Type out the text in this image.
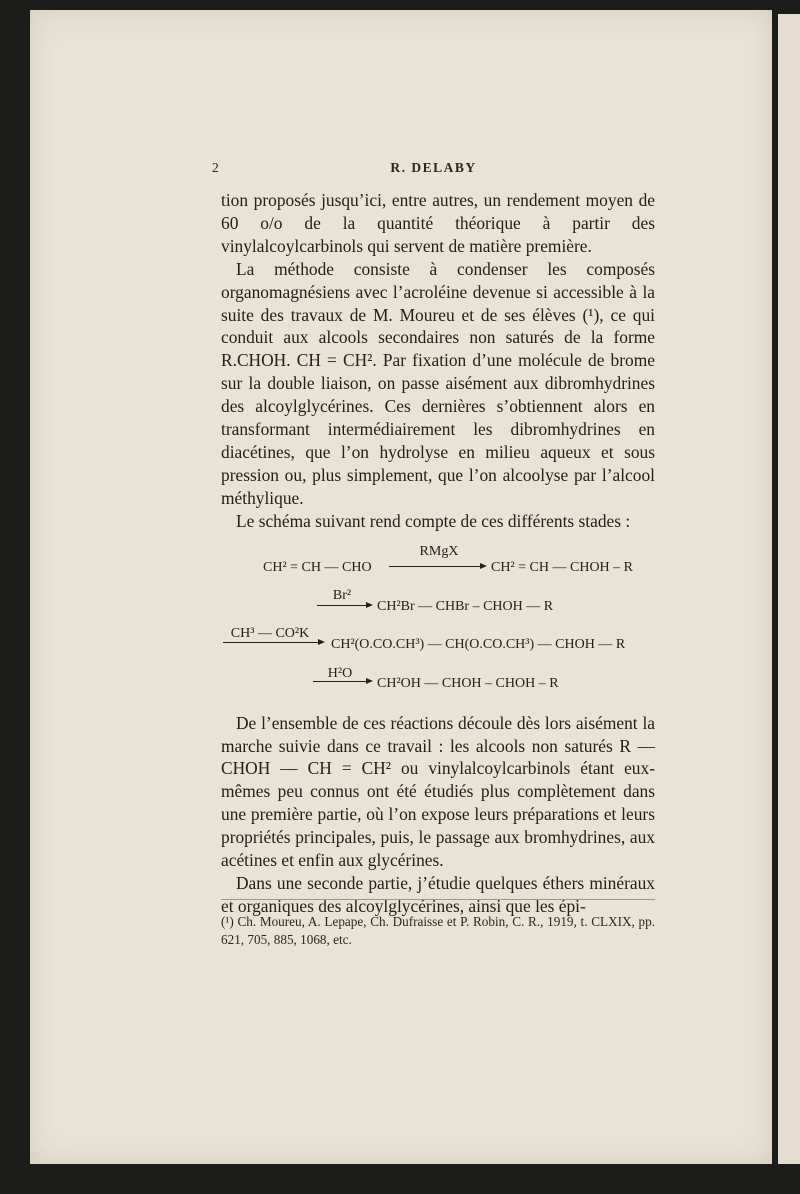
2	R. DELABY

tion proposés jusqu’ici, entre autres, un rendement moyen de 60 o/o de la quantité théorique à partir des vinylalcoylcarbinols qui servent de matière première.

La méthode consiste à condenser les composés organomagnésiens avec l’acroléine devenue si accessible à la suite des travaux de M. Moureu et de ses élèves (¹), ce qui conduit aux alcools secondaires non saturés de la forme R.CHOH. CH = CH². Par fixation d’une molécule de brome sur la double liaison, on passe aisément aux dibromhydrines des alcoylglycérines. Ces dernières s’obtiennent alors en transformant intermédiairement les dibromhydrines en diacétines, que l’on hydrolyse en milieu aqueux et sous pression ou, plus simplement, que l’on alcoolyse par l’alcool méthylique.

Le schéma suivant rend compte de ces différents stades :

CH² = CH — CHO
RMgX
CH² = CH — CHOH – R
Br²
CH²Br — CHBr – CHOH — R
CH³ — CO²K
CH²(O.CO.CH³) — CH(O.CO.CH³) — CHOH — R
H²O
CH²OH — CHOH – CHOH – R

De l’ensemble de ces réactions découle dès lors aisément la marche suivie dans ce travail : les alcools non saturés R — CHOH — CH = CH² ou vinylalcoylcarbinols étant eux-mêmes peu connus ont été étudiés plus complètement dans une première partie, où l’on expose leurs préparations et leurs propriétés principales, puis, le passage aux bromhydrines, aux acétines et enfin aux glycérines.

Dans une seconde partie, j’étudie quelques éthers minéraux et organiques des alcoylglycérines, ainsi que les épi-

(¹) Ch. Moureu, A. Lepape, Ch. Dufraisse et P. Robin, C. R., 1919, t. CLXIX, pp. 621, 705, 885, 1068, etc.
